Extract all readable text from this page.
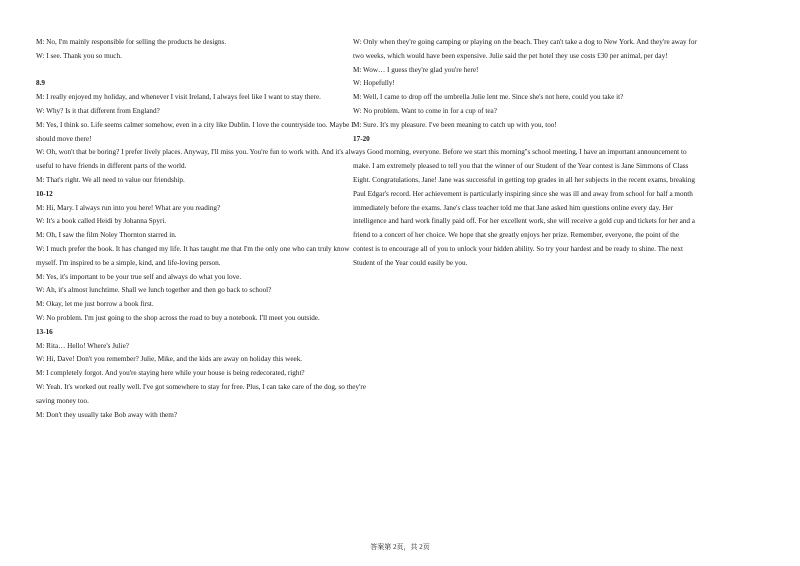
M: No, I'm mainly responsible for selling the products he designs.

W: I see. Thank you so much.

8.9

M: I really enjoyed my holiday, and whenever I visit Ireland, I always feel like I want to stay there.

W: Why? Is it that different from England?

M: Yes, I think so. Life seems calmer somehow, even in a city like Dublin. I love the countryside too. Maybe I should move there!

W: Oh, won't that be boring? I prefer lively places. Anyway, I'll miss you. You're fun to work with. And it's always useful to have friends in different parts of the world.

M: That's right. We all need to value our friendship.

10-12

M: Hi, Mary. I always run into you here! What are you reading?

W: It's a book called Heidi by Johanna Spyri.

M: Oh, I saw the film Noley Thornton starred in.

W: I much prefer the book. It has changed my life. It has taught me that I'm the only one who can truly know myself. I'm inspired to be a simple, kind, and life-loving person.

M: Yes, it's important to be your true self and always do what you love.

W: Ah, it's almost lunchtime. Shall we lunch together and then go back to school?

M: Okay, let me just borrow a book first.

W: No problem. I'm just going to the shop across the road to buy a notebook. I'll meet you outside.

13-16

M: Rita… Hello! Where's Julie?

W: Hi, Dave! Don't you remember? Julie, Mike, and the kids are away on holiday this week.

M: I completely forgot. And you're staying here while your house is being redecorated, right?

W: Yeah. It's worked out really well. I've got somewhere to stay for free. Plus, I can take care of the dog, so they're saving money too.

M: Don't they usually take Bob away with them?

W: Only when they're going camping or playing on the beach. They can't take a dog to New York. And they're away for two weeks, which would have been expensive. Julie said the pet hotel they use costs £30 per animal, per day!

M: Wow… I guess they're glad you're here!

W: Hopefully!

M: Well, I came to drop off the umbrella Julie lent me. Since she's not here, could you take it?

W: No problem. Want to come in for a cup of tea?

M: Sure. It's my pleasure. I've been meaning to catch up with you, too!

17-20

Good morning, everyone. Before we start this morning''s school meeting, I have an important announcement to make. I am extremely pleased to tell you that the winner of our Student of the Year contest is Jane Simmons of Class Eight. Congratulations, Jane! Jane was successful in getting top grades in all her subjects in the recent exams, breaking Paul Edgar's record. Her achievement is particularly inspiring since she was ill and away from school for half a month immediately before the exams. Jane's class teacher told me that Jane asked him questions online every day. Her intelligence and hard work finally paid off. For her excellent work, she will receive a gold cup and tickets for her and a friend to a concert of her choice. We hope that she greatly enjoys her prize. Remember, everyone, the point of the contest is to encourage all of you to unlock your hidden ability. So try your hardest and be ready to shine. The next Student of the Year could easily be you.

答案第 2页，共 2页
